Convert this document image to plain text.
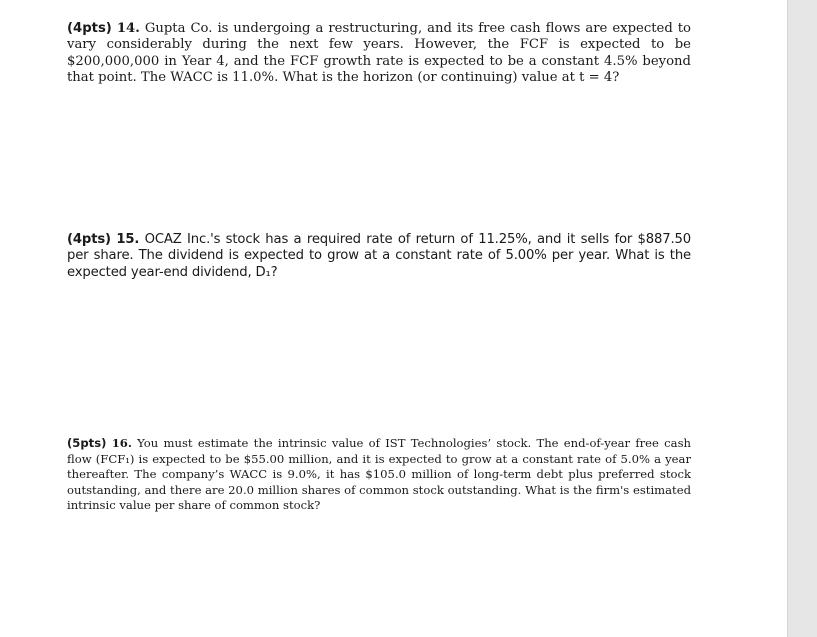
(4pts) 14. Gupta Co. is undergoing a restructuring, and its free cash flows are expected to vary considerably during the next few years. However, the FCF is expected to be $200,000,000 in Year 4, and the FCF growth rate is expected to be a constant 4.5% beyond that point. The WACC is 11.0%. What is the horizon (or continuing) value at t = 4?

(4pts) 15. OCAZ Inc.'s stock has a required rate of return of 11.25%, and it sells for $887.50 per share. The dividend is expected to grow at a constant rate of 5.00% per year. What is the expected year-end dividend, D₁?

(5pts) 16. You must estimate the intrinsic value of IST Technologies’ stock. The end-of-year free cash flow (FCF₁) is expected to be $55.00 million, and it is expected to grow at a constant rate of 5.0% a year thereafter. The company’s WACC is 9.0%, it has $105.0 million of long-term debt plus preferred stock outstanding, and there are 20.0 million shares of common stock outstanding. What is the firm's estimated intrinsic value per share of common stock?
